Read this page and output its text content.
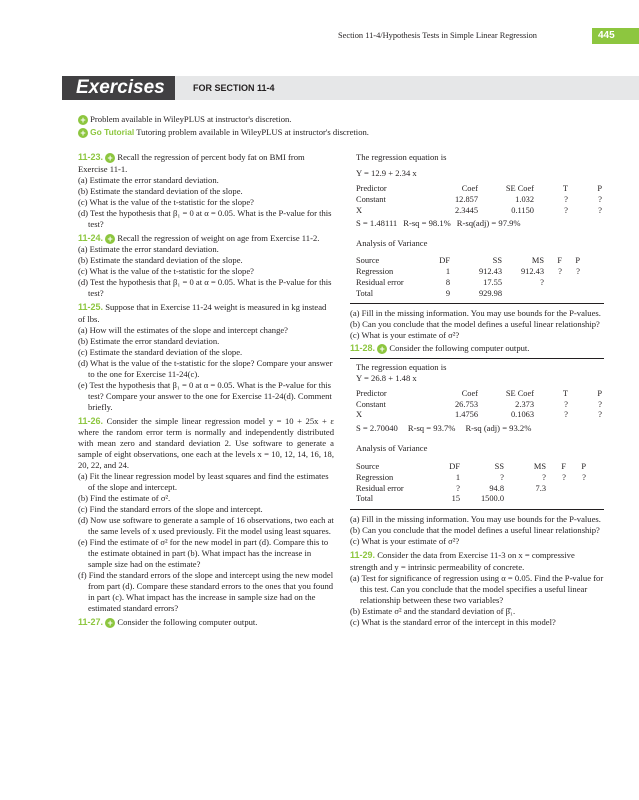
Section 11-4/Hypothesis Tests in Simple Linear Regression	445
Exercises	FOR SECTION 11-4
+ Problem available in WileyPLUS at instructor's discretion.
+ Go Tutorial Tutoring problem available in WileyPLUS at instructor's discretion.
11-23. + Recall the regression of percent body fat on BMI from Exercise 11-1.
(a) Estimate the error standard deviation.
(b) Estimate the standard deviation of the slope.
(c) What is the value of the t-statistic for the slope?
(d) Test the hypothesis that β₁ = 0 at α = 0.05. What is the P-value for this test?
11-24. + Recall the regression of weight on age from Exercise 11-2.
(a) Estimate the error standard deviation.
(b) Estimate the standard deviation of the slope.
(c) What is the value of the t-statistic for the slope?
(d) Test the hypothesis that β₁ = 0 at α = 0.05. What is the P-value for this test?
11-25. Suppose that in Exercise 11-24 weight is measured in kg instead of lbs.
(a) How will the estimates of the slope and intercept change?
(b) Estimate the error standard deviation.
(c) Estimate the standard deviation of the slope.
(d) What is the value of the t-statistic for the slope? Compare your answer to the one for Exercise 11-24(c).
(e) Test the hypothesis that β₁ = 0 at α = 0.05. What is the P-value for this test? Compare your answer to the one for Exercise 11-24(d). Comment briefly.
11-26. Consider the simple linear regression model y = 10 + 25x + ε where the random error term is normally and independently distributed with mean zero and standard deviation 2. Use software to generate a sample of eight observations, one each at the levels x = 10, 12, 14, 16, 18, 20, 22, and 24.
(a) Fit the linear regression model by least squares and find the estimates of the slope and intercept.
(b) Find the estimate of σ².
(c) Find the standard errors of the slope and intercept.
(d) Now use software to generate a sample of 16 observations, two each at the same levels of x used previously. Fit the model using least squares.
(e) Find the estimate of σ² for the new model in part (d). Compare this to the estimate obtained in part (b). What impact has the increase in sample size had on the estimate?
(f) Find the standard errors of the slope and intercept using the new model from part (d). Compare these standard errors to the ones that you found in part (c). What impact has the increase in sample size had on the estimated standard errors?
11-27. + Consider the following computer output.
The regression equation is
Y = 12.9 + 2.34 x
Predictor	Coef	SE Coef	T	P
Constant	12.857	1.032	?	?
X	2.3445	0.1150	?	?
S = 1.48111 R-sq = 98.1% R-sq(adj) = 97.9%
Analysis of Variance
Source	DF	SS	MS	F	P
Regression	1	912.43	912.43	?	?
Residual error	8	17.55	?
Total	9	929.98
(a) Fill in the missing information. You may use bounds for the P-values.
(b) Can you conclude that the model defines a useful linear relationship?
(c) What is your estimate of σ²?
11-28. + Consider the following computer output.
The regression equation is
Y = 26.8 + 1.48 x
Predictor	Coef	SE Coef	T	P
Constant	26.753	2.373	?	?
X	1.4756	0.1063	?	?
S = 2.70040 R-sq = 93.7% R-sq (adj) = 93.2%
Analysis of Variance
Source	DF	SS	MS	F	P
Regression	1	?	?	?	?
Residual error	?	94.8	7.3
Total	15	1500.0
(a) Fill in the missing information. You may use bounds for the P-values.
(b) Can you conclude that the model defines a useful linear relationship?
(c) What is your estimate of σ²?
11-29. Consider the data from Exercise 11-3 on x = compressive strength and y = intrinsic permeability of concrete.
(a) Test for significance of regression using α = 0.05. Find the P-value for this test. Can you conclude that the model specifies a useful linear relationship between these two variables?
(b) Estimate σ² and the standard deviation of β̂₁.
(c) What is the standard error of the intercept in this model?
